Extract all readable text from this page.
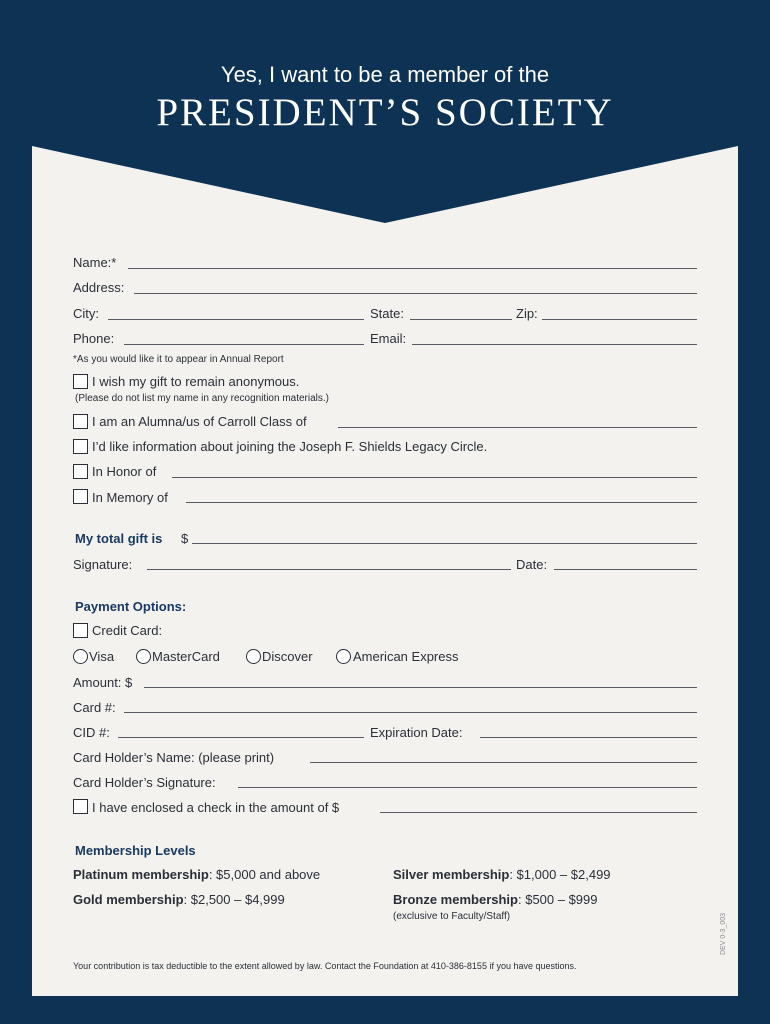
Yes, I want to be a member of the
PRESIDENT’S SOCIETY
Name:*
Address:
City:	State:	Zip:
Phone:	Email:
*As you would like it to appear in Annual Report
I wish my gift to remain anonymous.
(Please do not list my name in any recognition materials.)
I am an Alumna/us of Carroll Class of
I’d like information about joining the Joseph F. Shields Legacy Circle.
In Honor of
In Memory of
My total gift is $
Signature:	Date:
Payment Options:
Credit Card:
Visa	MasterCard	Discover	American Express
Amount: $
Card #:
CID #:	Expiration Date:
Card Holder’s Name: (please print)
Card Holder’s Signature:
I have enclosed a check in the amount of $
Membership Levels
Platinum membership: $5,000 and above	Silver membership: $1,000 – $2,499
Gold membership: $2,500 – $4,999	Bronze membership: $500 – $999
(exclusive to Faculty/Staff)
Your contribution is tax deductible to the extent allowed by law. Contact the Foundation at 410-386-8155 if you have questions.
DEV 0-3_003
